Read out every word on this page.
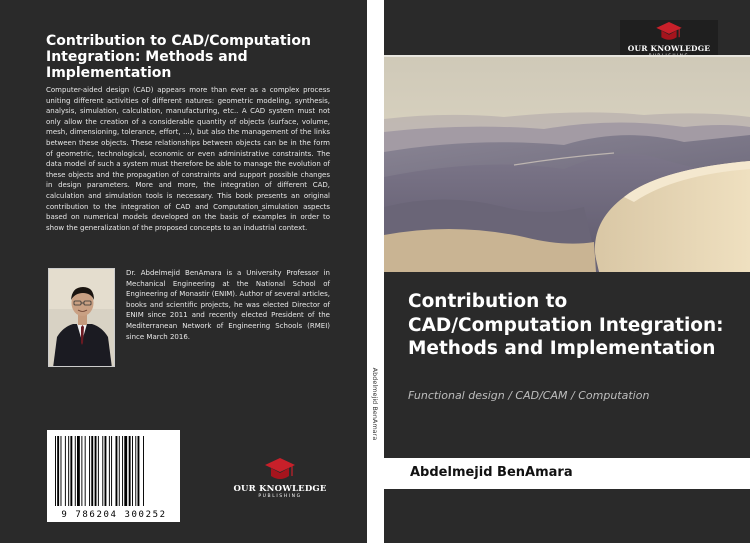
Contribution to CAD/Computation Integration: Methods and Implementation
Computer-aided design (CAD) appears more than ever as a complex process uniting different activities of different natures: geometric modeling, synthesis, analysis, simulation, calculation, manufacturing, etc.. A CAD system must not only allow the creation of a considerable quantity of objects (surface, volume, mesh, dimensioning, tolerance, effort, ...), but also the management of the links between these objects. These relationships between objects can be in the form of geometric, technological, economic or even administrative constraints. The data model of such a system must therefore be able to manage the evolution of these objects and the propagation of constraints and support possible changes in design parameters. More and more, the integration of different CAD, calculation and simulation tools is necessary. This book presents an original contribution to the integration of CAD and Computation_simulation aspects based on numerical models developed on the basis of examples in order to show the generalization of the proposed concepts to an industrial context.
Dr. Abdelmejid BenAmara is a University Professor in Mechanical Engineering at the National School of Engineering of Monastir (ENIM). Author of several articles, books and scientific projects, he was elected Director of ENIM since 2011 and recently elected President of the Mediterranean Network of Engineering Schools (RMEI) since March 2016.
9 786204 300252
OUR KNOWLEDGE
PUBLISHING
Abdelmejid BenAmara
OUR KNOWLEDGE
Contribution to CAD/Computation Integration: Methods and Implementation
Functional design / CAD/CAM / Computation
Abdelmejid BenAmara
